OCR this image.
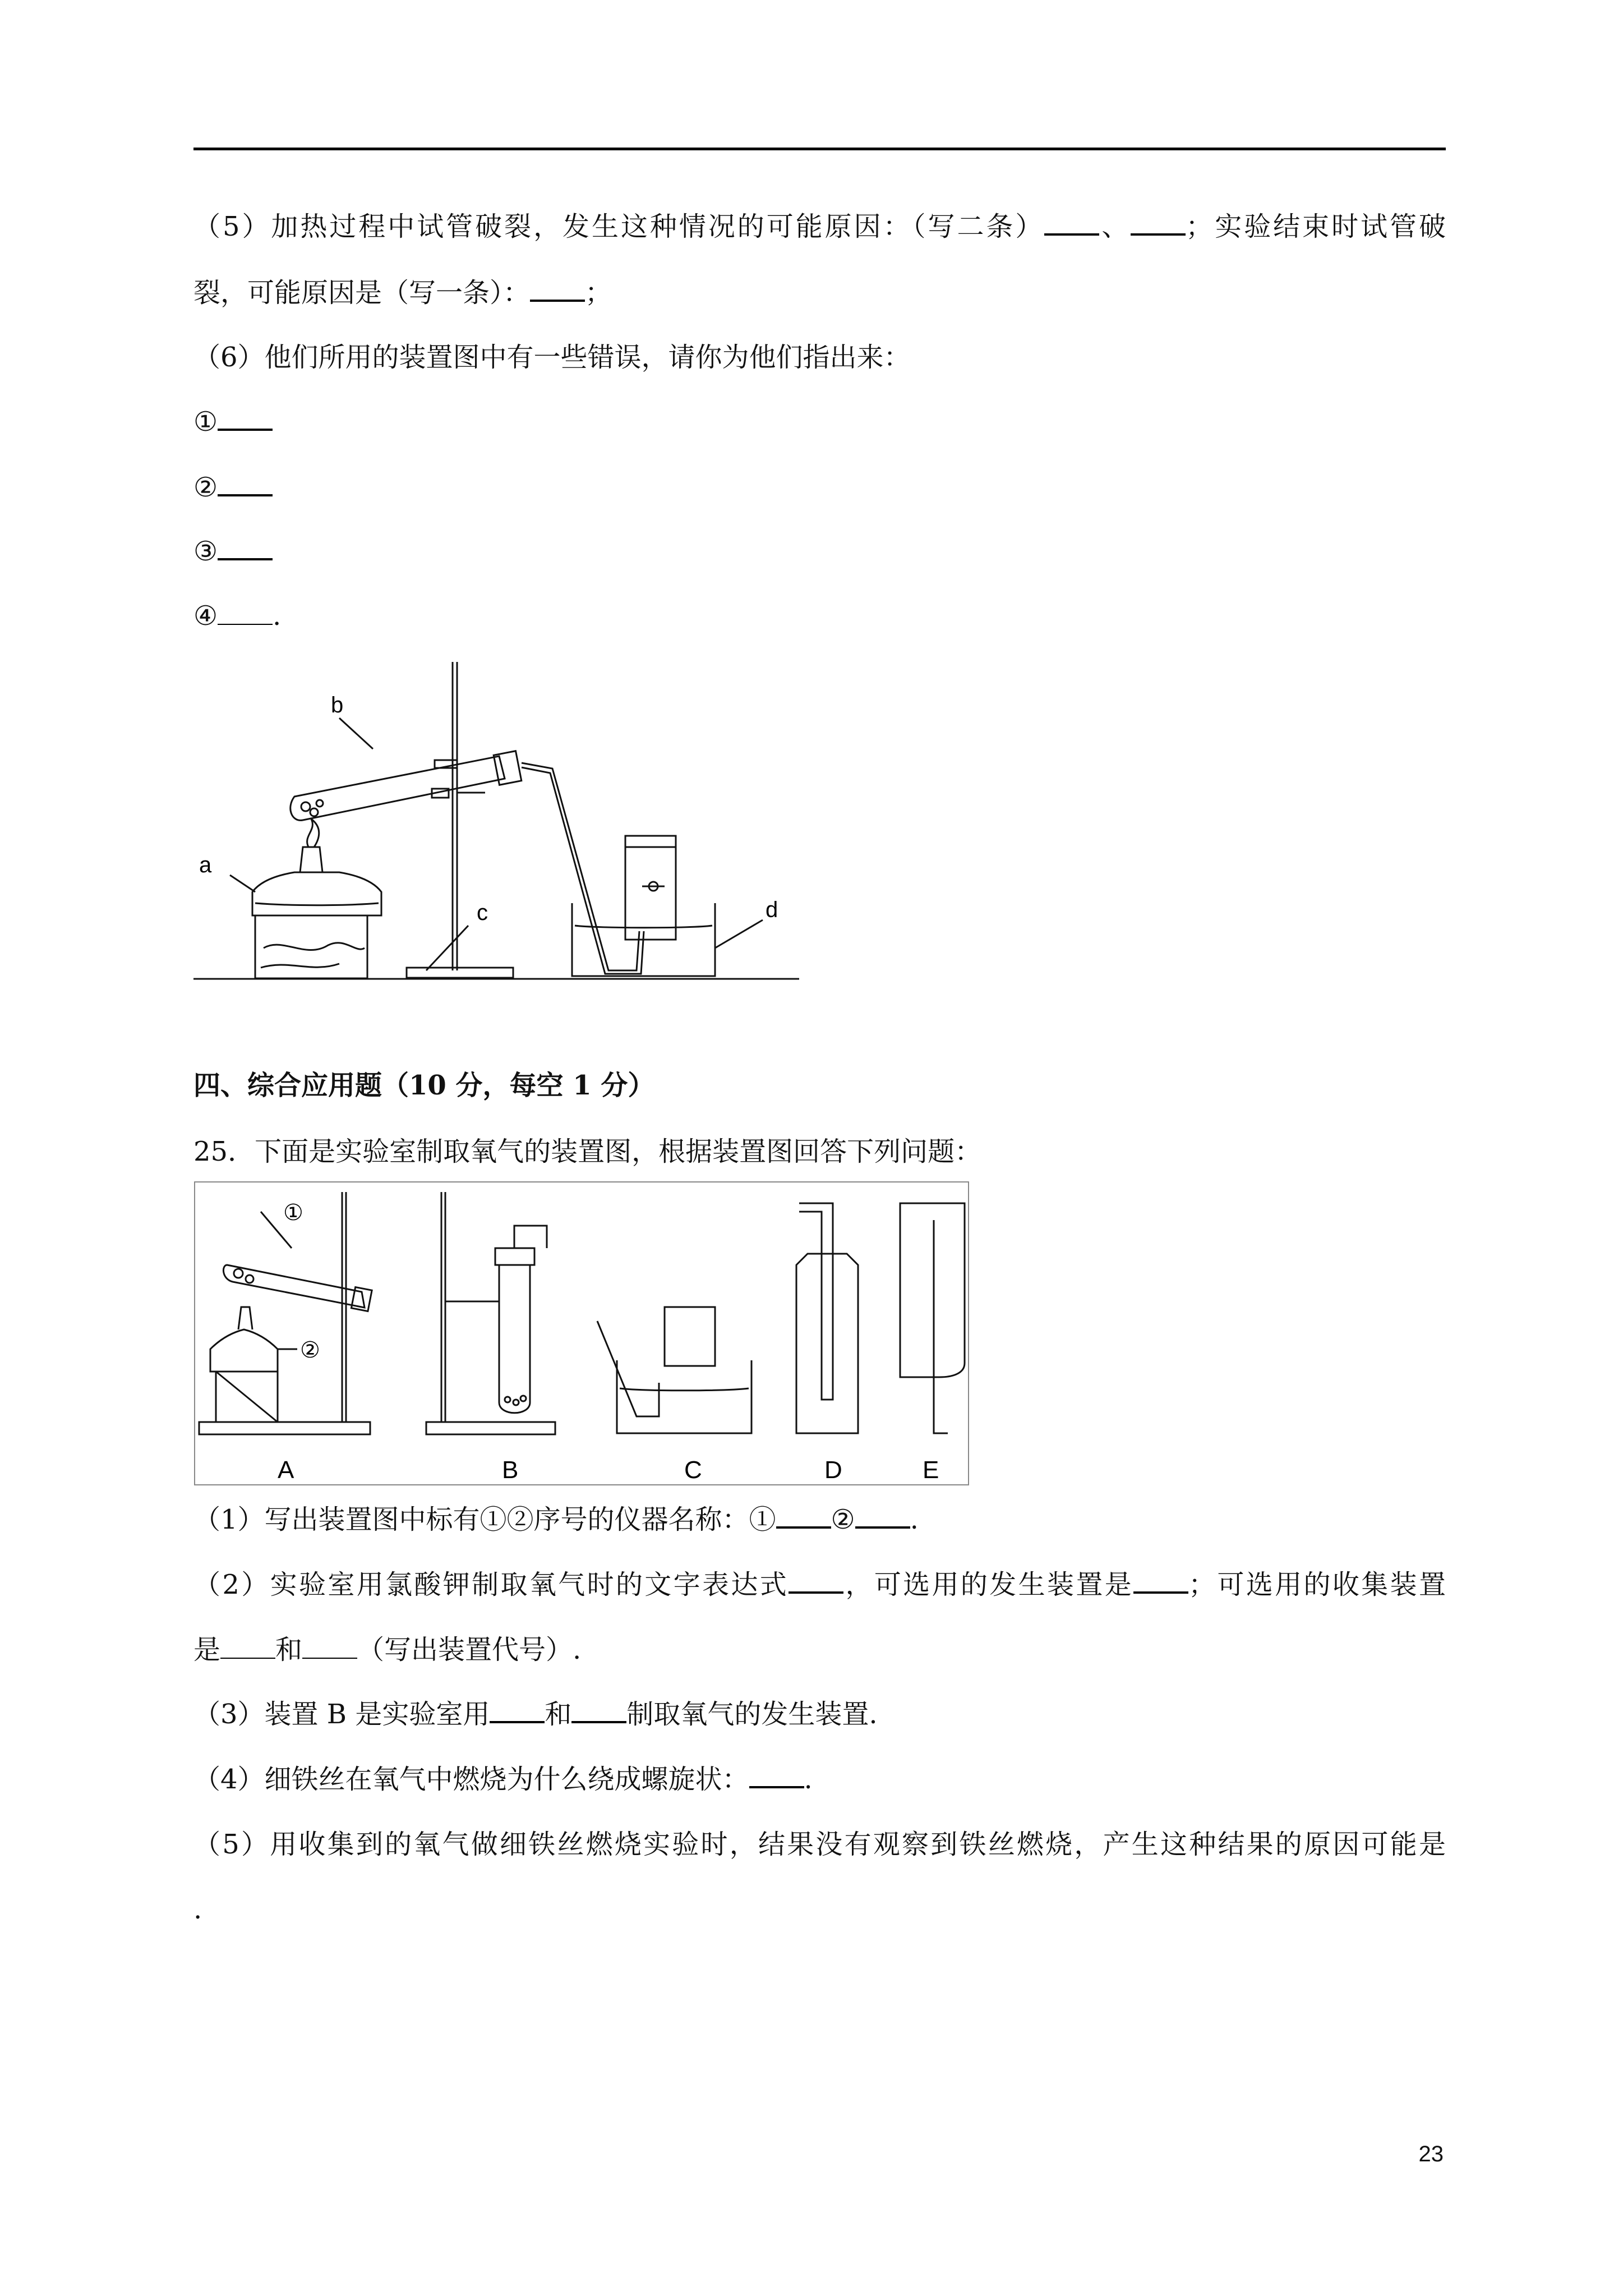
（5）加热过程中试管破裂，发生这种情况的可能原因：（写二条） 、 ；实验结束时试管破
裂，可能原因是（写一条）： ；
（6）他们所用的装置图中有一些错误，请你为他们指出来：
①
②
③
④ .
a
b
c	d
四、综合应用题（10 分，每空 1 分）
25．下面是实验室制取氧气的装置图，根据装置图回答下列问题：
①
②
A	B	C	D	E
（1）写出装置图中标有①②序号的仪器名称：① ② .
（2）实验室用氯酸钾制取氧气时的文字表达式 ，可选用的发生装置是 ；可选用的收集装置
是 和 （写出装置代号）.
（3）装置 B 是实验室用 和 制取氧气的发生装置.
（4）细铁丝在氧气中燃烧为什么绕成螺旋状： .
（5）用收集到的氧气做细铁丝燃烧实验时，结果没有观察到铁丝燃烧，产生这种结果的原因可能是
.
23
